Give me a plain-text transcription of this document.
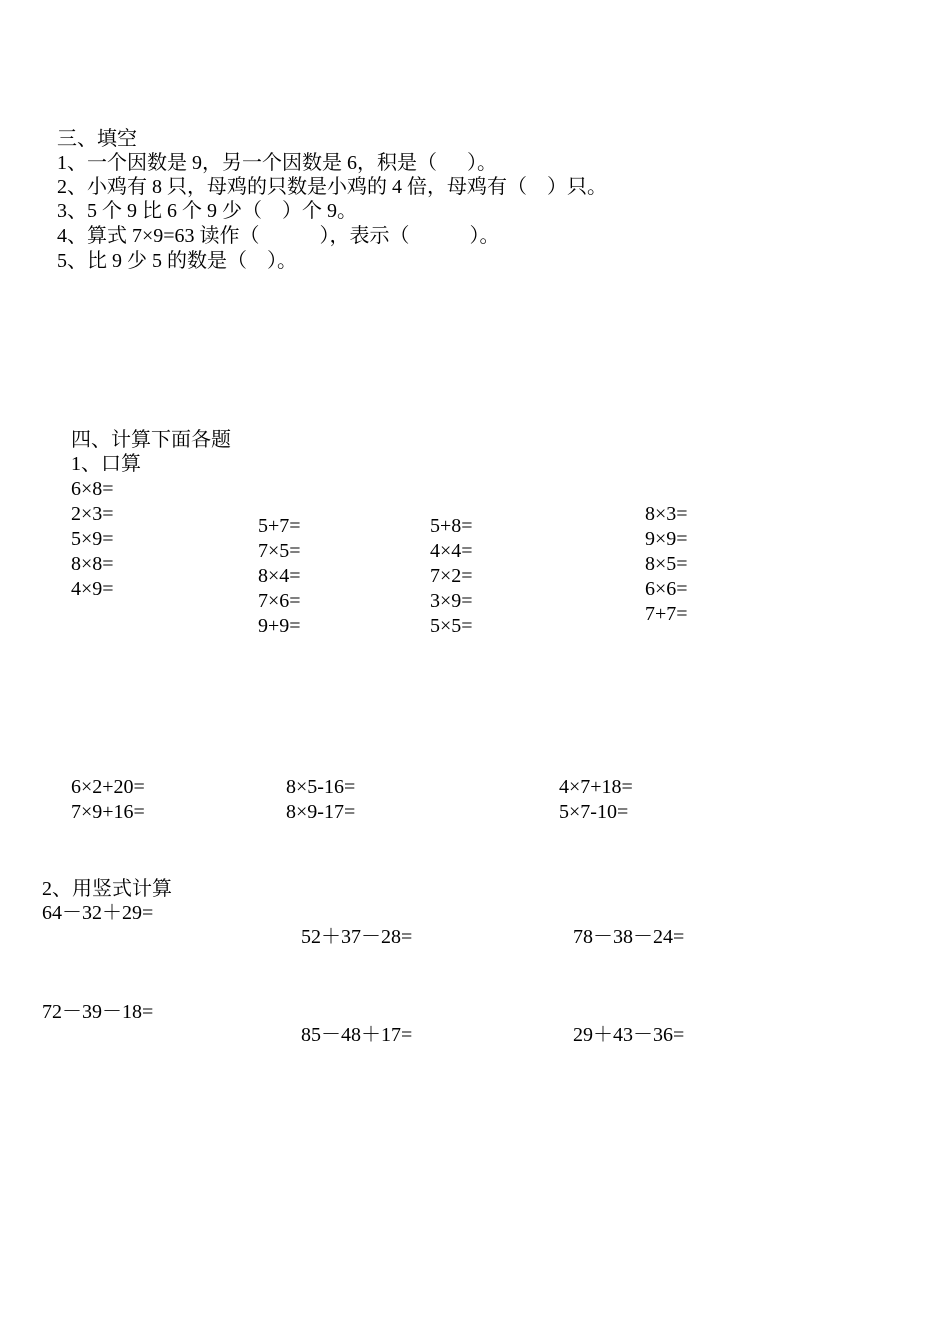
三、填空
1、一个因数是 9，另一个因数是 6，积是（      ）。
2、小鸡有 8 只，母鸡的只数是小鸡的 4 倍，母鸡有（    ）只。
3、5 个 9 比 6 个 9 少（    ）个 9。
4、算式 7×9=63 读作（            ），表示（            ）。
5、比 9 少 5 的数是（    ）。
四、计算下面各题
1、口算
6×8=
2×3=
5×9=
8×8=
4×9=
5+7=
7×5=
8×4=
7×6=
9+9=
5+8=
4×4=
7×2=
3×9=
5×5=
8×3=
9×9=
8×5=
6×6=
7+7=
6×2+20=
7×9+16=
8×5-16=
8×9-17=
4×7+18=
5×7-10=
2、用竖式计算
64－32＋29=
52＋37－28=	78－38－24=
72－39－18=
85－48＋17=	29＋43－36=
